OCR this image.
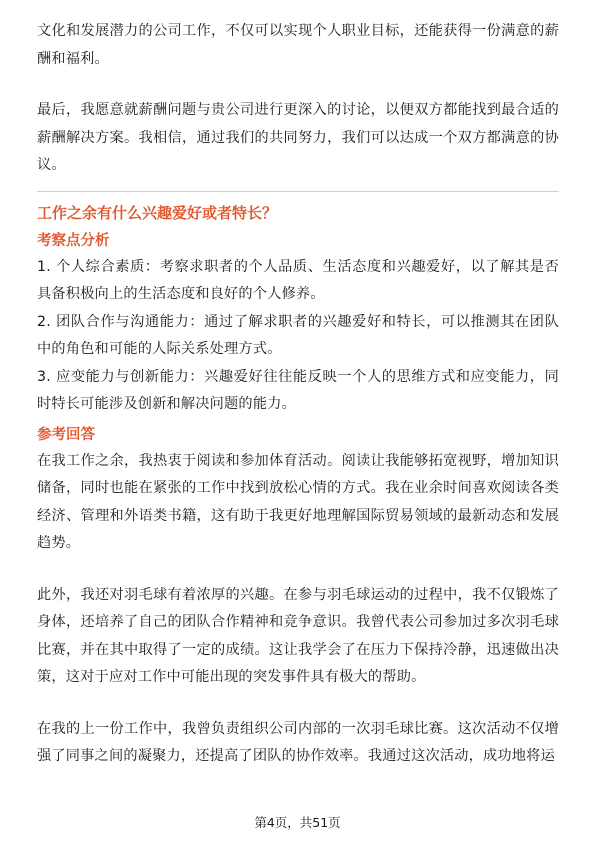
文化和发展潜力的公司工作，不仅可以实现个人职业目标，还能获得一份满意的薪酬和福利。

最后，我愿意就薪酬问题与贵公司进行更深入的讨论，以便双方都能找到最合适的薪酬解决方案。我相信，通过我们的共同努力，我们可以达成一个双方都满意的协议。

工作之余有什么兴趣爱好或者特长？
考察点分析

1. 个人综合素质：考察求职者的个人品质、生活态度和兴趣爱好，以了解其是否具备积极向上的生活态度和良好的个人修养。

2. 团队合作与沟通能力：通过了解求职者的兴趣爱好和特长，可以推测其在团队中的角色和可能的人际关系处理方式。

3. 应变能力与创新能力：兴趣爱好往往能反映一个人的思维方式和应变能力，同时特长可能涉及创新和解决问题的能力。

参考回答

在我工作之余，我热衷于阅读和参加体育活动。阅读让我能够拓宽视野，增加知识储备，同时也能在紧张的工作中找到放松心情的方式。我在业余时间喜欢阅读各类经济、管理和外语类书籍，这有助于我更好地理解国际贸易领域的最新动态和发展趋势。

此外，我还对羽毛球有着浓厚的兴趣。在参与羽毛球运动的过程中，我不仅锻炼了身体，还培养了自己的团队合作精神和竞争意识。我曾代表公司参加过多次羽毛球比赛，并在其中取得了一定的成绩。这让我学会了在压力下保持冷静，迅速做出决策，这对于应对工作中可能出现的突发事件具有极大的帮助。

在我的上一份工作中，我曾负责组织公司内部的一次羽毛球比赛。这次活动不仅增强了同事之间的凝聚力，还提高了团队的协作效率。我通过这次活动，成功地将运

第4页，共51页
